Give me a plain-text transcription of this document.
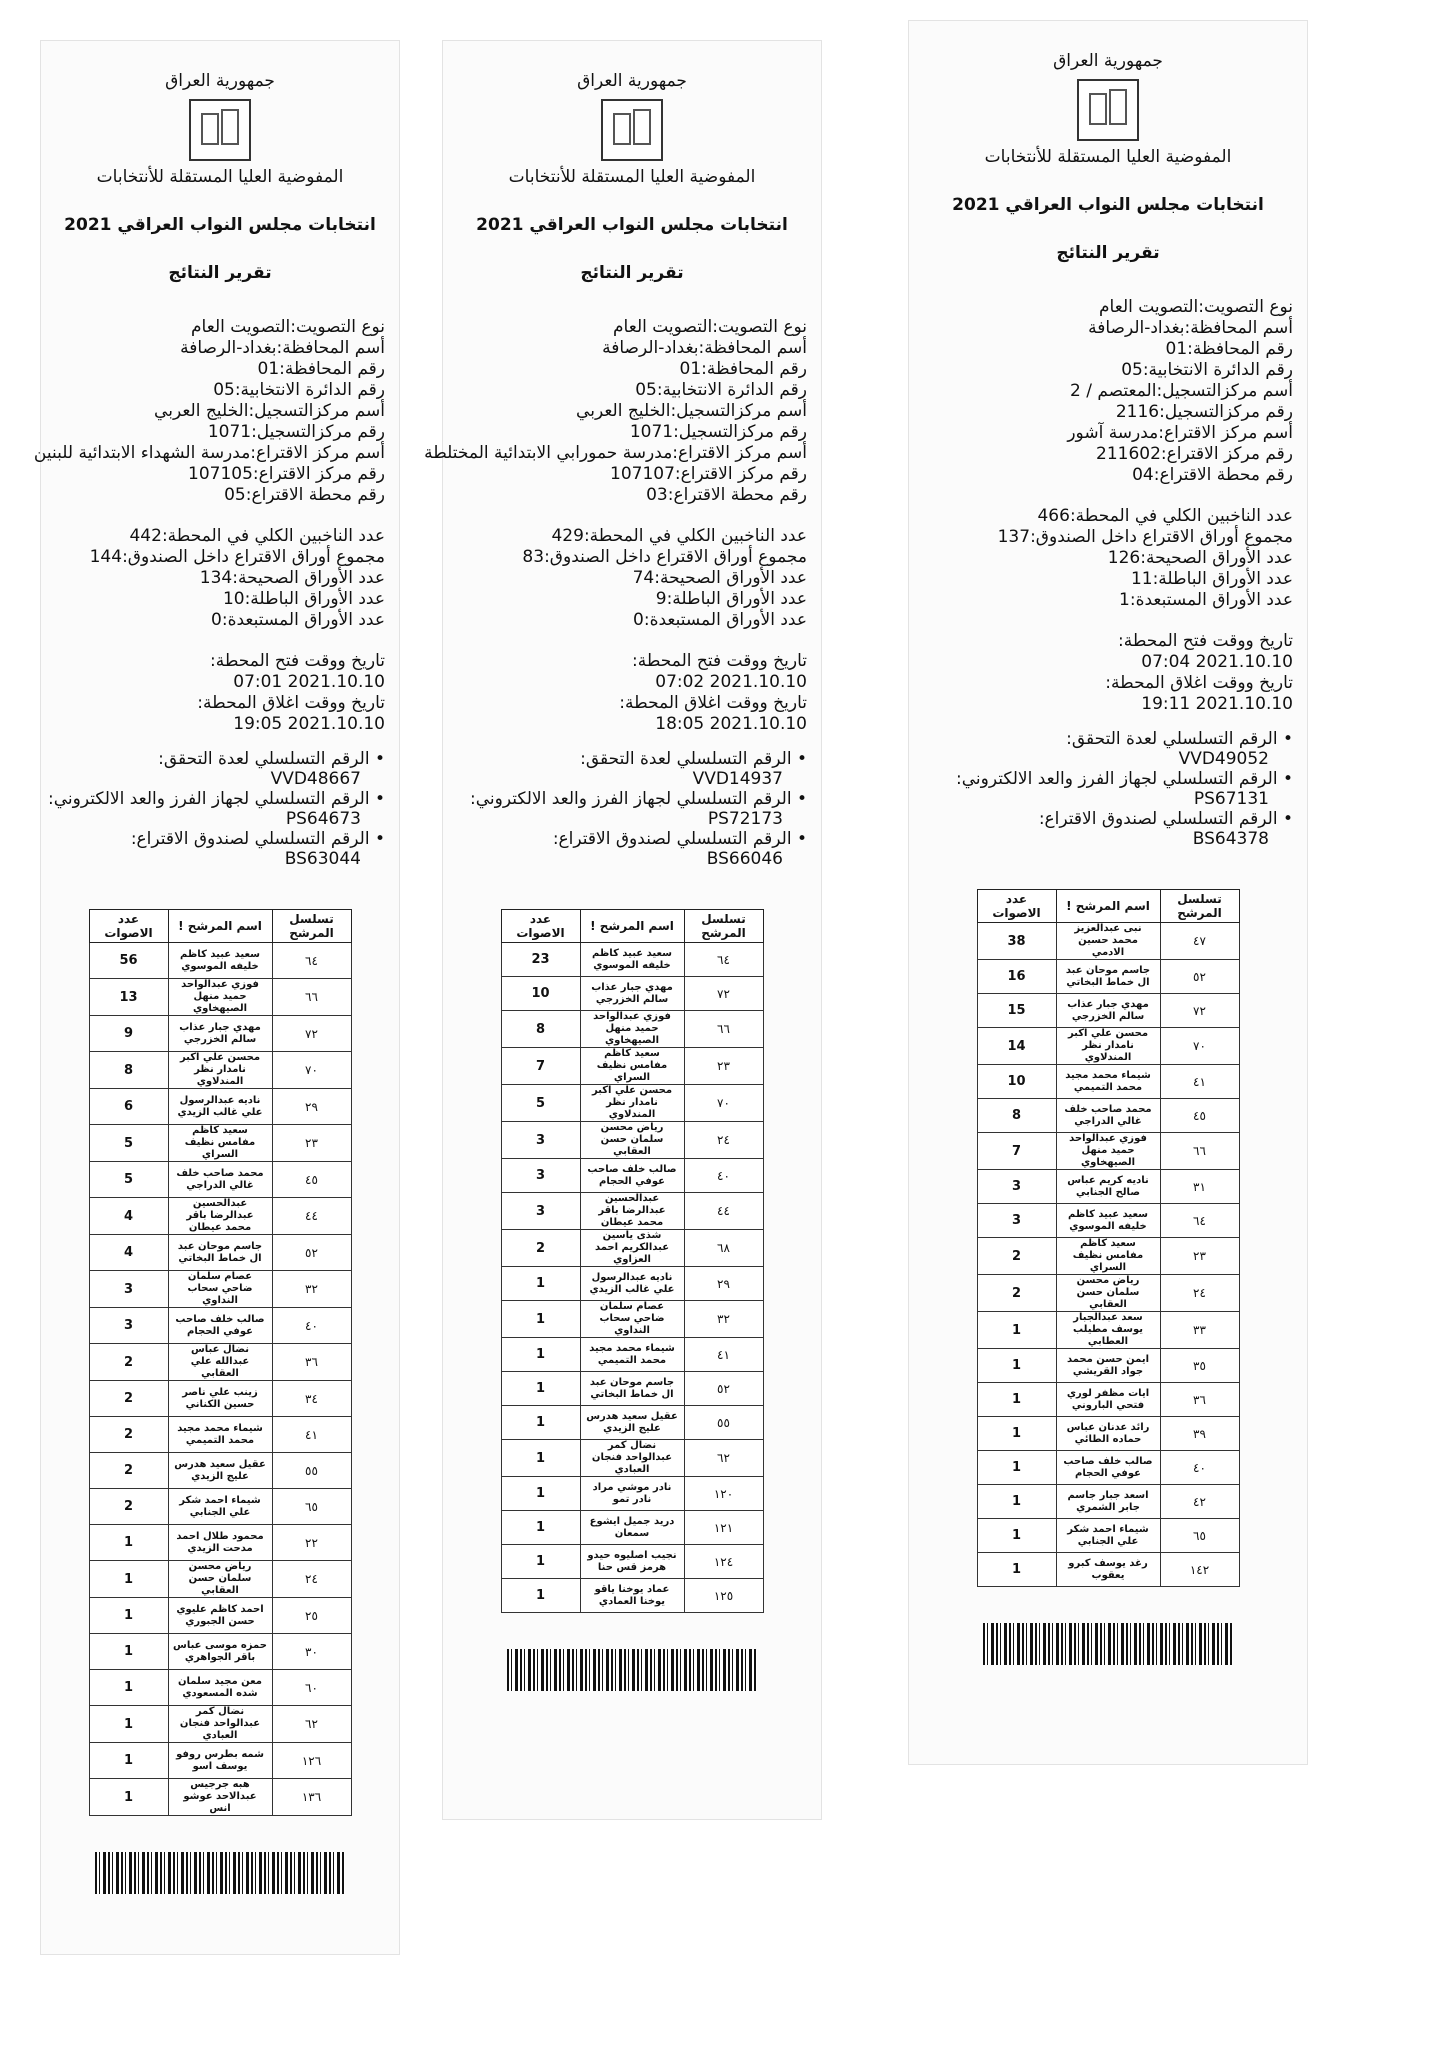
جمهورية العراق
المفوضية العليا المستقلة للأنتخابات
انتخابات مجلس النواب العراقي 2021
تقرير النتائج
نوع التصويت:التصويت العام
أسم المحافظة:بغداد-الرصافة
رقم المحافظة:01
رقم الدائرة الانتخابية:05
أسم مركزالتسجيل:الخليج العربي
رقم مركزالتسجيل:1071
أسم مركز الاقتراع:مدرسة الشهداء الابتدائية للبنين
رقم مركز الاقتراع:107105
رقم محطة الاقتراع:05
عدد الناخبين الكلي في المحطة:442
مجموع أوراق الاقتراع داخل الصندوق:144
عدد الأوراق الصحيحة:134
عدد الأوراق الباطلة:10
عدد الأوراق المستبعدة:0
تاريخ ووقت فتح المحطة:
2021.10.10 07:01
تاريخ ووقت اغلاق المحطة:
2021.10.10 19:05
• الرقم التسلسلي لعدة التحقق:
VVD48667
• الرقم التسلسلي لجهاز الفرز والعد الالكتروني:
PS64673
• الرقم التسلسلي لصندوق الاقتراع:
BS63044
تسلسل المرشح	اسم المرشح !	عدد الاصوات
٦٤	سعيد عبيد كاظم خليفه الموسوي	56
٦٦	فوزي عبدالواحد حميد منهل الصيهخاوي	13
٧٢	مهدي جبار عذاب سالم الخزرجي	9
٧٠	محسن علي اكبر نامدار نظر المندلاوي	8
٢٩	ناديه عبدالرسول علي غالب الزيدي	6
٢٣	سعيد كاظم مفامس نظيف السراي	5
٤٥	محمد صاحب خلف غالي الدراجي	5
٤٤	عبدالحسين عبدالرضا باقر محمد عيطان	4
٥٢	جاسم موحان عبد ال خماط البخاتي	4
٣٢	عصام سلمان ضاحي سحاب النداوي	3
٤٠	صالب خلف صاحب عوفي الحجام	3
٣٦	نضال عباس عبدالله علي العقابي	2
٣٤	زينب علي ناصر حسين الكناني	2
٤١	شيماء محمد مجيد محمد التميمي	2
٥٥	عقيل سعيد هدرس عليج الزيدي	2
٦٥	شيماء احمد شكر علي الجنابي	2
٢٢	محمود طلال احمد مدحت الزيدي	1
٢٤	رياض محسن سلمان حسن العقابي	1
٢٥	احمد كاظم عليوي حسن الجبوري	1
٣٠	حمزه موسى عباس باقر الجواهري	1
٦٠	معن مجيد سلمان شده المسعودي	1
٦٢	نضال كمر عبدالواحد فنجان العبادي	1
١٢٦	شمه بطرس روفو يوسف اسو	1
١٣٦	هبه جرجيس عبدالاحد عوشو انس	1
جمهورية العراق
المفوضية العليا المستقلة للأنتخابات
انتخابات مجلس النواب العراقي 2021
تقرير النتائج
نوع التصويت:التصويت العام
أسم المحافظة:بغداد-الرصافة
رقم المحافظة:01
رقم الدائرة الانتخابية:05
أسم مركزالتسجيل:الخليج العربي
رقم مركزالتسجيل:1071
أسم مركز الاقتراع:مدرسة حمورابي الابتدائية المختلطة
رقم مركز الاقتراع:107107
رقم محطة الاقتراع:03
عدد الناخبين الكلي في المحطة:429
مجموع أوراق الاقتراع داخل الصندوق:83
عدد الأوراق الصحيحة:74
عدد الأوراق الباطلة:9
عدد الأوراق المستبعدة:0
تاريخ ووقت فتح المحطة:
2021.10.10 07:02
تاريخ ووقت اغلاق المحطة:
2021.10.10 18:05
• الرقم التسلسلي لعدة التحقق:
VVD14937
• الرقم التسلسلي لجهاز الفرز والعد الالكتروني:
PS72173
• الرقم التسلسلي لصندوق الاقتراع:
BS66046
تسلسل المرشح	اسم المرشح !	عدد الاصوات
٦٤	سعيد عبيد كاظم خليفه الموسوي	23
٧٢	مهدي جبار عذاب سالم الخزرجي	10
٦٦	فوزي عبدالواحد حميد منهل الصيهخاوي	8
٢٣	سعيد كاظم مفامس نظيف السراي	7
٧٠	محسن علي اكبر نامدار نظر المندلاوي	5
٢٤	رياض محسن سلمان حسن العقابي	3
٤٠	صالب خلف صاحب عوفي الحجام	3
٤٤	عبدالحسين عبدالرضا باقر محمد عيطان	3
٦٨	شذى ياسين عبدالكريم احمد العزاوي	2
٢٩	ناديه عبدالرسول علي غالب الزيدي	1
٣٢	عصام سلمان ضاحي سحاب النداوي	1
٤١	شيماء محمد مجيد محمد التميمي	1
٥٢	جاسم موحان عبد ال خماط البخاتي	1
٥٥	عقيل سعيد هدرس عليج الزيدي	1
٦٢	نضال كمر عبدالواحد فنجان العبادي	1
١٢٠	نادر موشي مراد نادر تمو	1
١٢١	دريد جميل ايشوع سمعان	1
١٢٤	نجيب اصليوه حيدو هرمز قس حنا	1
١٢٥	عماد يوخنا ياقو يوخنا العمادي	1
جمهورية العراق
المفوضية العليا المستقلة للأنتخابات
انتخابات مجلس النواب العراقي 2021
تقرير النتائج
نوع التصويت:التصويت العام
أسم المحافظة:بغداد-الرصافة
رقم المحافظة:01
رقم الدائرة الانتخابية:05
أسم مركزالتسجيل:المعتصم / 2
رقم مركزالتسجيل:2116
أسم مركز الاقتراع:مدرسة آشور
رقم مركز الاقتراع:211602
رقم محطة الاقتراع:04
عدد الناخبين الكلي في المحطة:466
مجموع أوراق الاقتراع داخل الصندوق:137
عدد الأوراق الصحيحة:126
عدد الأوراق الباطلة:11
عدد الأوراق المستبعدة:1
تاريخ ووقت فتح المحطة:
2021.10.10 07:04
تاريخ ووقت اغلاق المحطة:
2021.10.10 19:11
• الرقم التسلسلي لعدة التحقق:
VVD49052
• الرقم التسلسلي لجهاز الفرز والعد الالكتروني:
PS67131
• الرقم التسلسلي لصندوق الاقتراع:
BS64378
تسلسل المرشح	اسم المرشح !	عدد الاصوات
٤٧	نبى عبدالعزيز محمد حسين الادمي	38
٥٢	جاسم موحان عبد ال خماط البخاتي	16
٧٢	مهدي جبار عذاب سالم الخزرجي	15
٧٠	محسن علي اكبر نامدار نظر المندلاوي	14
٤١	شيماء محمد مجيد محمد التميمي	10
٤٥	محمد صاحب خلف غالي الدراجي	8
٦٦	فوزي عبدالواحد حميد منهل الصيهخاوي	7
٣١	ناديه كريم عباس صالح الجنابي	3
٦٤	سعيد عبيد كاظم خليفه الموسوي	3
٢٣	سعيد كاظم مفامس نظيف السراي	2
٢٤	رياض محسن سلمان حسن العقابي	2
٣٣	سعد عبدالجبار يوسف مطيلب العطابي	1
٣٥	ايمن حسن محمد جواد القريشي	1
٣٦	ايات مظفر لوري فتحي الباروني	1
٣٩	رائد عدنان عباس حماده الطائي	1
٤٠	صالب خلف صاحب عوفي الحجام	1
٤٢	اسعد جبار جاسم جابر الشمري	1
٦٥	شيماء احمد شكر علي الجنابي	1
١٤٢	رغد يوسف كبرو يعقوب	1
